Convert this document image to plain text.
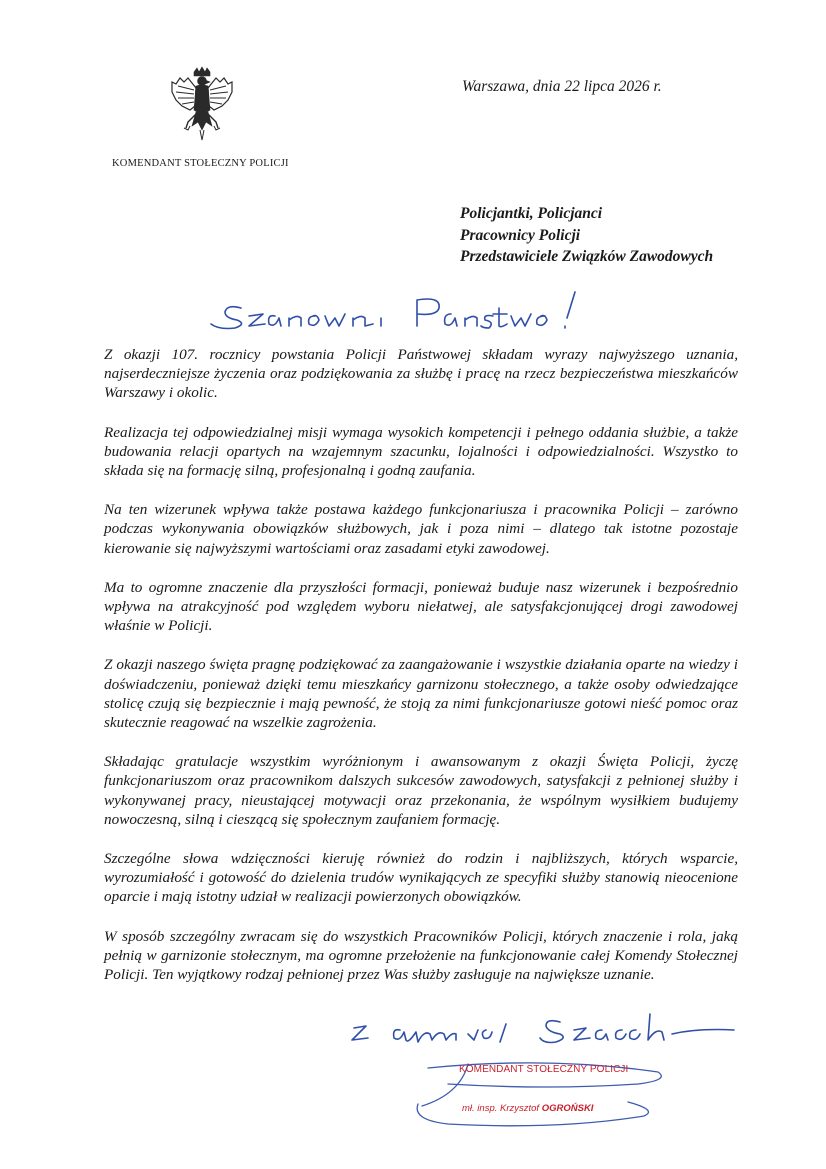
KOMENDANT STOŁECZNY POLICJI
Warszawa, dnia 22 lipca 2026 r.
Policjantki, Policjanci
Pracownicy Policji
Przedstawiciele Związków Zawodowych

Z okazji 107. rocznicy powstania Policji Państwowej składam wyrazy najwyższego uznania, najserdeczniejsze życzenia oraz podziękowania za służbę i pracę na rzecz bezpieczeństwa mieszkańców Warszawy i okolic.

Realizacja tej odpowiedzialnej misji wymaga wysokich kompetencji i pełnego oddania służbie, a także budowania relacji opartych na wzajemnym szacunku, lojalności i odpowiedzialności. Wszystko to składa się na formację silną, profesjonalną i godną zaufania.

Na ten wizerunek wpływa także postawa każdego funkcjonariusza i pracownika Policji – zarówno podczas wykonywania obowiązków służbowych, jak i poza nimi – dlatego tak istotne pozostaje kierowanie się najwyższymi wartościami oraz zasadami etyki zawodowej.

Ma to ogromne znaczenie dla przyszłości formacji, ponieważ buduje nasz wizerunek i bezpośrednio wpływa na atrakcyjność pod względem wyboru niełatwej, ale satysfakcjonującej drogi zawodowej właśnie w Policji.

Z okazji naszego święta pragnę podziękować za zaangażowanie i wszystkie działania oparte na wiedzy i doświadczeniu, ponieważ dzięki temu mieszkańcy garnizonu stołecznego, a także osoby odwiedzające stolicę czują się bezpiecznie i mają pewność, że stoją za nimi funkcjonariusze gotowi nieść pomoc oraz skutecznie reagować na wszelkie zagrożenia.

Składając gratulacje wszystkim wyróżnionym i awansowanym z okazji Święta Policji, życzę funkcjonariuszom oraz pracownikom dalszych sukcesów zawodowych, satysfakcji z pełnionej służby i wykonywanej pracy, nieustającej motywacji oraz przekonania, że wspólnym wysiłkiem budujemy nowoczesną, silną i cieszącą się społecznym zaufaniem formację.

Szczególne słowa wdzięczności kieruję również do rodzin i najbliższych, których wsparcie, wyrozumiałość i gotowość do dzielenia trudów wynikających ze specyfiki służby stanowią nieocenione oparcie i mają istotny udział w realizacji powierzonych obowiązków.

W sposób szczególny zwracam się do wszystkich Pracowników Policji, których znaczenie i rola, jaką pełnią w garnizonie stołecznym, ma ogromne przełożenie na funkcjonowanie całej Komendy Stołecznej Policji. Ten wyjątkowy rodzaj pełnionej przez Was służby zasługuje na największe uznanie.

KOMENDANT STOŁECZNY POLICJI
mł. insp. Krzysztof OGROŃSKI
